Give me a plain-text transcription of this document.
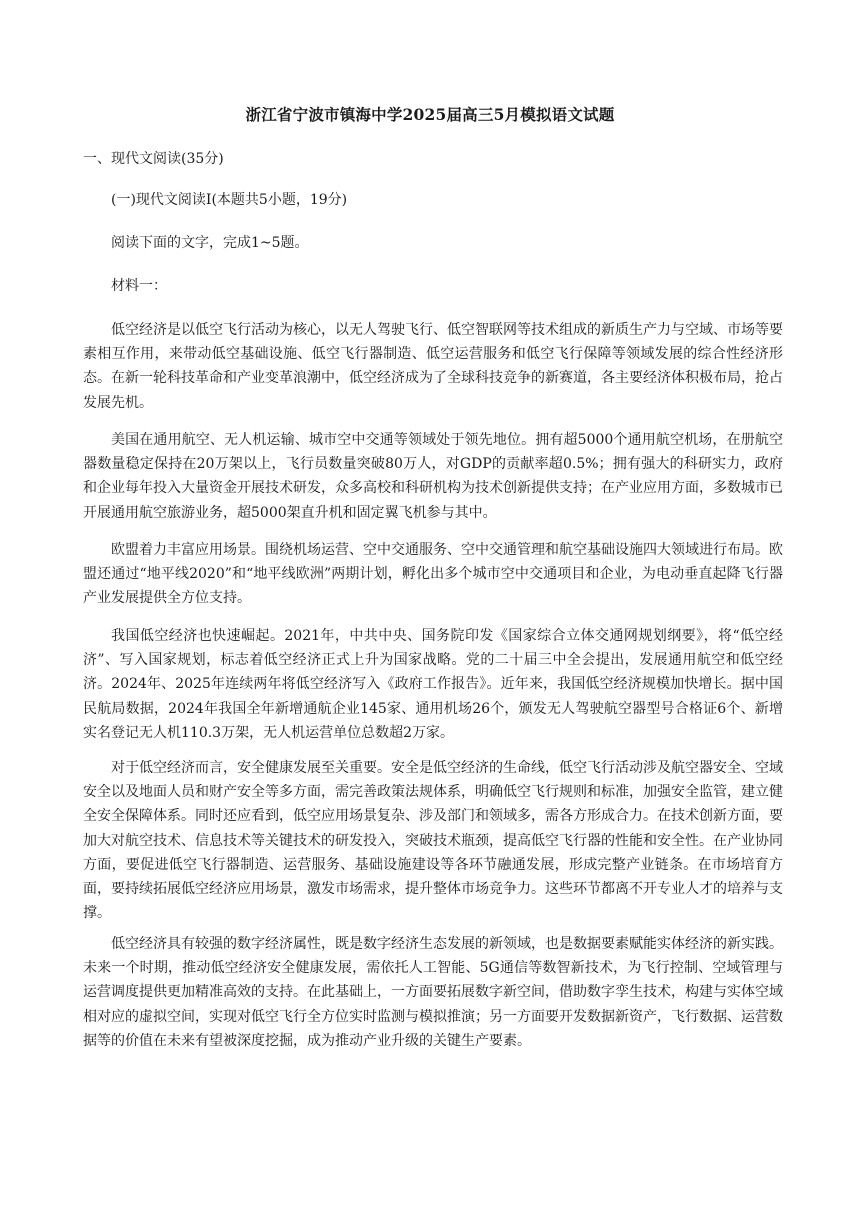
浙江省宁波市镇海中学2025届高三5月模拟语文试题
一、现代文阅读(35分)
(一)现代文阅读Ⅰ(本题共5小题，19分)
阅读下面的文字，完成1~5题。
材料一：

低空经济是以低空飞行活动为核心，以无人驾驶飞行、低空智联网等技术组成的新质生产力与空域、市场等要素相互作用，来带动低空基础设施、低空飞行器制造、低空运营服务和低空飞行保障等领域发展的综合性经济形态。在新一轮科技革命和产业变革浪潮中，低空经济成为了全球科技竞争的新赛道，各主要经济体积极布局，抢占发展先机。

美国在通用航空、无人机运输、城市空中交通等领域处于领先地位。拥有超5000个通用航空机场，在册航空器数量稳定保持在20万架以上，飞行员数量突破80万人，对GDP的贡献率超0.5%；拥有强大的科研实力，政府和企业每年投入大量资金开展技术研发，众多高校和科研机构为技术创新提供支持；在产业应用方面，多数城市已开展通用航空旅游业务，超5000架直升机和固定翼飞机参与其中。

欧盟着力丰富应用场景。围绕机场运营、空中交通服务、空中交通管理和航空基础设施四大领域进行布局。欧盟还通过“地平线2020”和“地平线欧洲”两期计划，孵化出多个城市空中交通项目和企业，为电动垂直起降飞行器产业发展提供全方位支持。

我国低空经济也快速崛起。2021年，中共中央、国务院印发《国家综合立体交通网规划纲要》，将“低空经济”、写入国家规划，标志着低空经济正式上升为国家战略。党的二十届三中全会提出，发展通用航空和低空经济。2024年、2025年连续两年将低空经济写入《政府工作报告》。近年来，我国低空经济规模加快增长。据中国民航局数据，2024年我国全年新增通航企业145家、通用机场26个，颁发无人驾驶航空器型号合格证6个、新增实名登记无人机110.3万架，无人机运营单位总数超2万家。

对于低空经济而言，安全健康发展至关重要。安全是低空经济的生命线，低空飞行活动涉及航空器安全、空域安全以及地面人员和财产安全等多方面，需完善政策法规体系，明确低空飞行规则和标准，加强安全监管，建立健全安全保障体系。同时还应看到，低空应用场景复杂、涉及部门和领域多，需各方形成合力。在技术创新方面，要加大对航空技术、信息技术等关键技术的研发投入，突破技术瓶颈，提高低空飞行器的性能和安全性。在产业协同方面，要促进低空飞行器制造、运营服务、基础设施建设等各环节融通发展，形成完整产业链条。在市场培育方面，要持续拓展低空经济应用场景，激发市场需求，提升整体市场竞争力。这些环节都离不开专业人才的培养与支撑。

低空经济具有较强的数字经济属性，既是数字经济生态发展的新领域，也是数据要素赋能实体经济的新实践。未来一个时期，推动低空经济安全健康发展，需依托人工智能、5G通信等数智新技术，为飞行控制、空域管理与运营调度提供更加精准高效的支持。在此基础上，一方面要拓展数字新空间，借助数字孪生技术，构建与实体空域相对应的虚拟空间，实现对低空飞行全方位实时监测与模拟推演；另一方面要开发数据新资产，飞行数据、运营数据等的价值在未来有望被深度挖掘，成为推动产业升级的关键生产要素。
